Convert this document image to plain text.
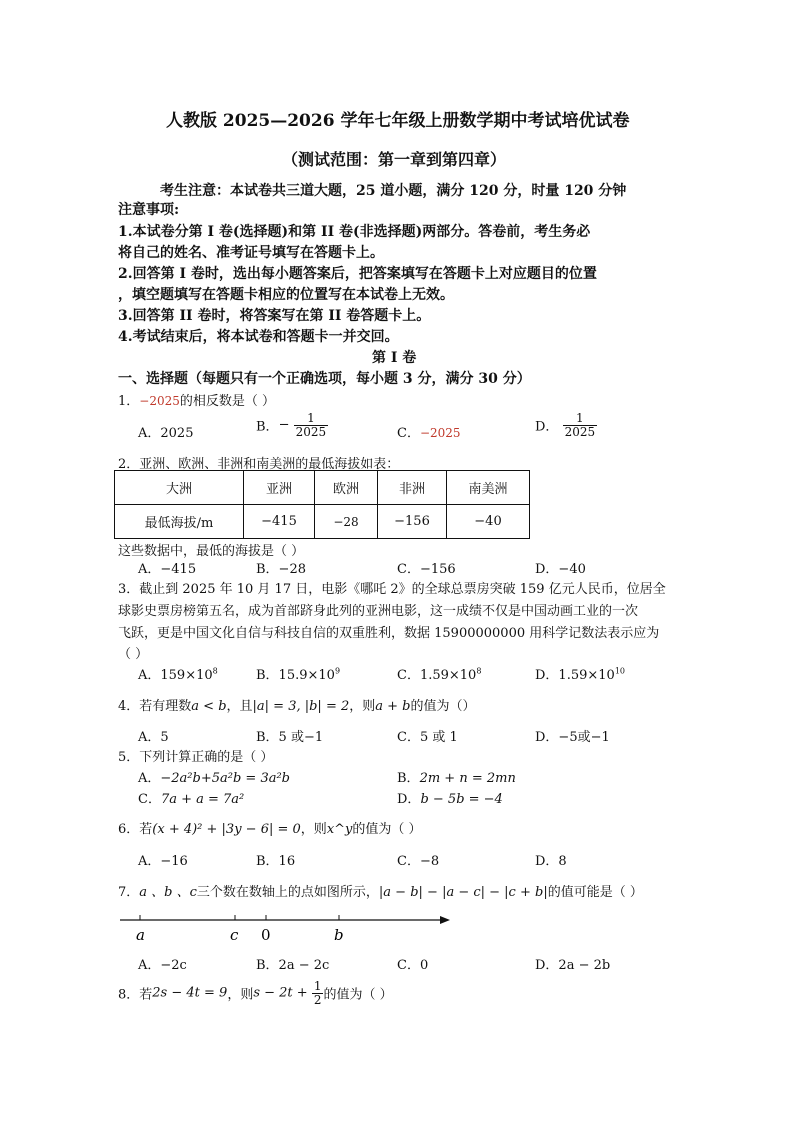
人教版 2025—2026 学年七年级上册数学期中考试培优试卷
（测试范围：第一章到第四章）
考生注意：本试卷共三道大题，25 道小题，满分 120 分，时量 120 分钟
注意事项:
1.本试卷分第 I 卷(选择题)和第 II 卷(非选择题)两部分。答卷前，考生务必
将自己的姓名、准考证号填写在答题卡上。
2.回答第 I 卷时，选出每小题答案后，把答案填写在答题卡上对应题目的位置
，填空题填写在答题卡相应的位置写在本试卷上无效。
3.回答第 II 卷时，将答案写在第 II 卷答题卡上。
4.考试结束后，将本试卷和答题卡一并交回。
第 I 卷
一、选择题（每题只有一个正确选项，每小题 3 分，满分 30 分）
1．−2025的相反数是（ ）
A．2025	B．− $\frac{1}{2025}$	C．−2025	D． $\frac{1}{2025}$
2．亚洲、欧洲、非洲和南美洲的最低海拔如表：
大洲	亚洲	欧洲	非洲	南美洲
最低海拔/m	−415	−28	−156	−40
这些数据中，最低的海拔是（ ）
A．−415	B．−28	C．−156	D．−40
3．截止到 2025 年 10 月 17 日，电影《哪吒 2》的全球总票房突破 159 亿元人民币，位居全
球影史票房榜第五名，成为首部跻身此列的亚洲电影，这一成绩不仅是中国动画工业的一次
飞跃，更是中国文化自信与科技自信的双重胜利，数据 15900000000 用科学记数法表示应为
（ ）
A．$159\times 10^8$	B．$15.9\times 10^9$	C．$1.59\times 10^8$	D．$1.59\times 10^{10}$
4．若有理数a < b，且|a| = 3, |b| = 2，则a + b的值为（）
A．5	B．5 或−1	C．5 或 1	D．−5或−1
5．下列计算正确的是（ ）
A．−2a²b+5a²b = 3a²b	B．2m + n = 2mn
C．7a + a = 7a²	D．b − 5b = −4
6．若(x + 4)² + |3y − 6| = 0，则x^y的值为（ ）
A．−16	B．16	C．−8	D．8
7．a 、b 、c三个数在数轴上的点如图所示，|a − b| − |a − c| − |c + b|的值可能是（ ）
a	c 0	b
A．−2c	B．2a − 2c	C．0	D．2a − 2b
8．若2s − 4t = 9，则$s - 2t + \frac{1}{2}$ 的值为（ ）
